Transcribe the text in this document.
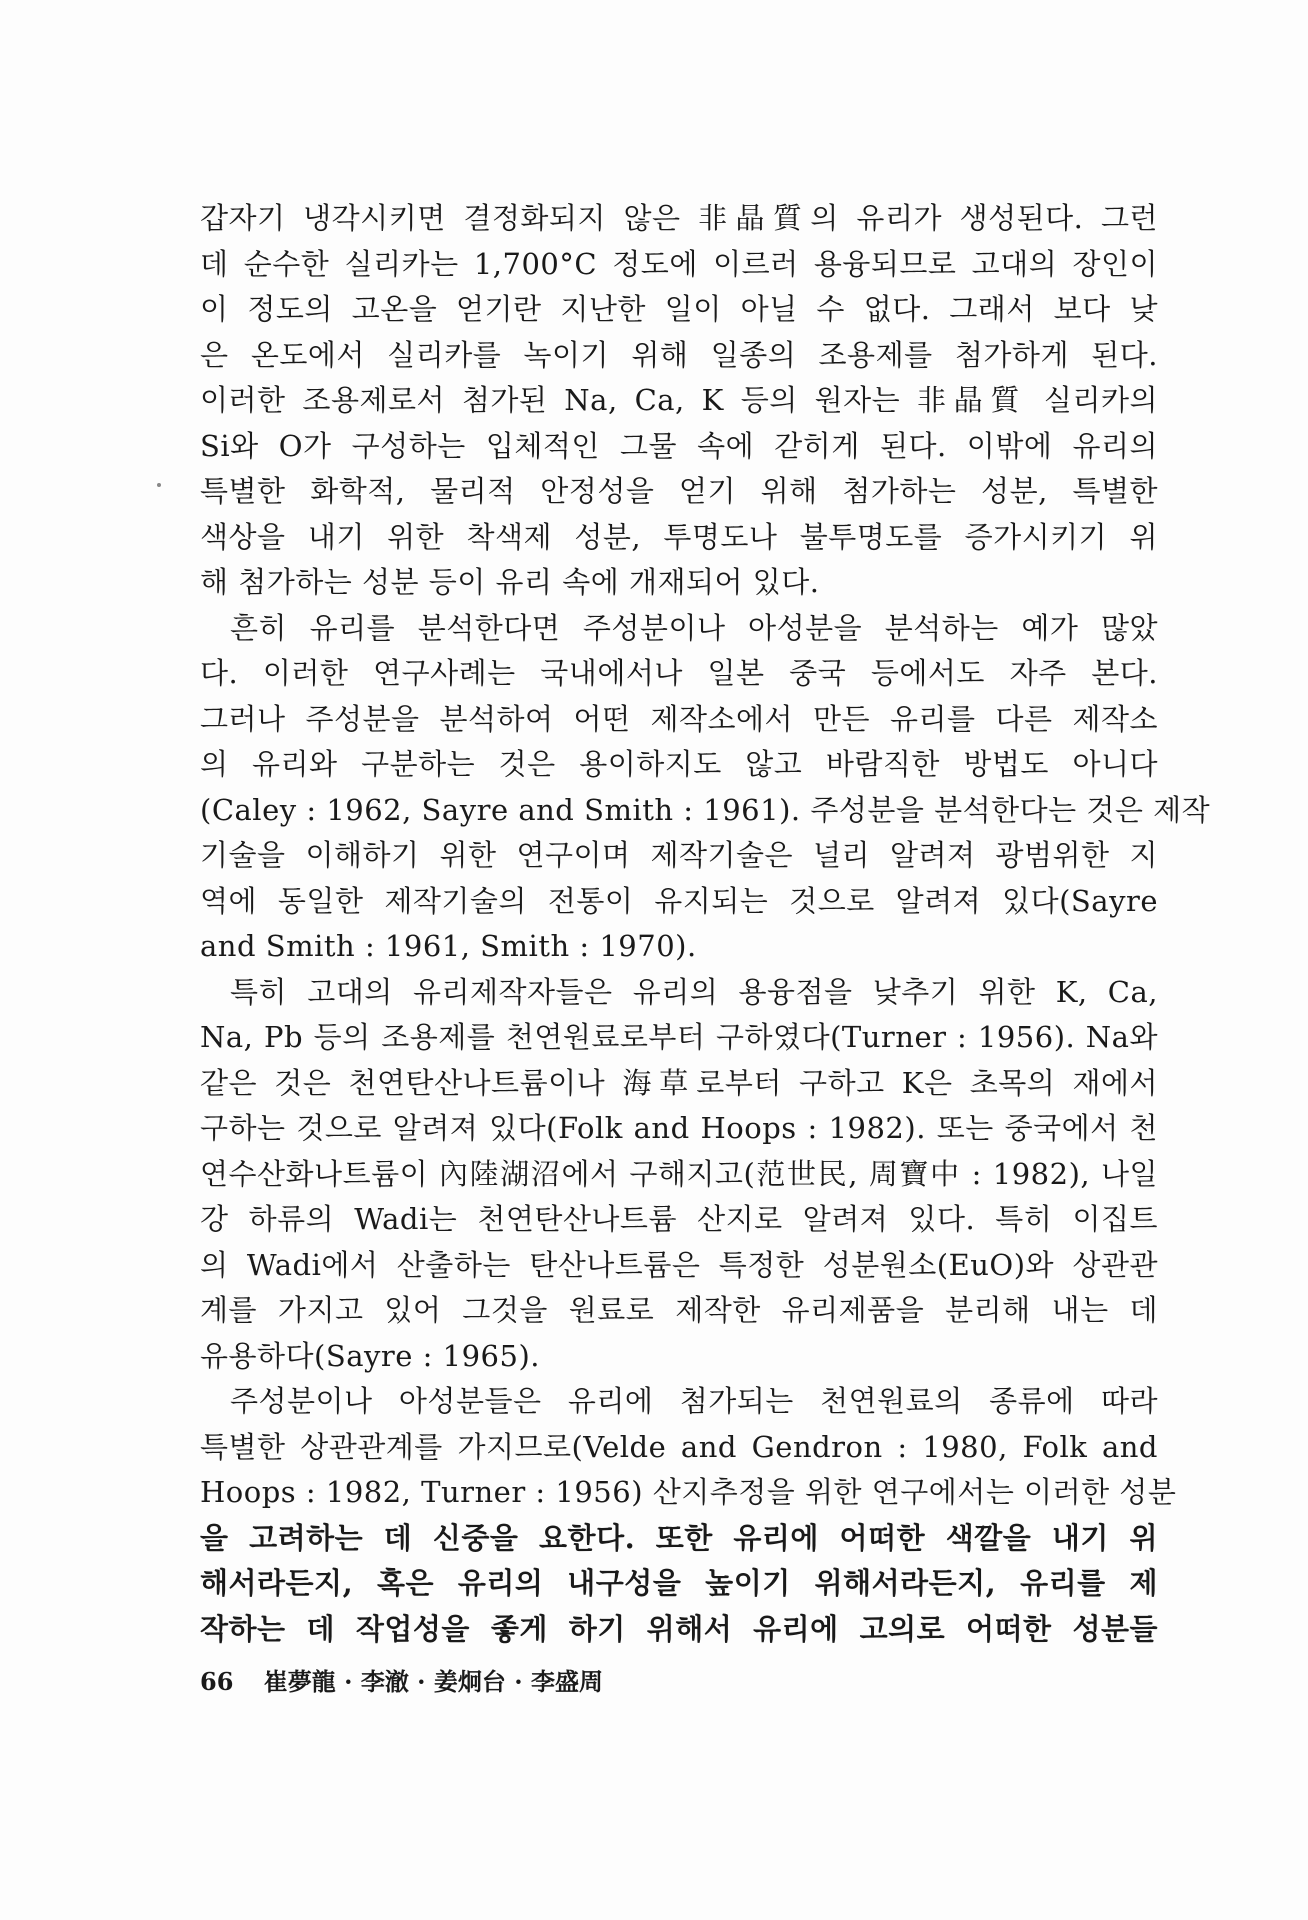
갑자기 냉각시키면 결정화되지 않은 非晶質의 유리가 생성된다. 그런
데 순수한 실리카는 1,700°C 정도에 이르러 용융되므로 고대의 장인이
이 정도의 고온을 얻기란 지난한 일이 아닐 수 없다. 그래서 보다 낮
은 온도에서 실리카를 녹이기 위해 일종의 조용제를 첨가하게 된다.
이러한 조용제로서 첨가된 Na, Ca, K 등의 원자는 非晶質 실리카의
Si와 O가 구성하는 입체적인 그물 속에 갇히게 된다. 이밖에 유리의
특별한 화학적, 물리적 안정성을 얻기 위해 첨가하는 성분, 특별한
색상을 내기 위한 착색제 성분, 투명도나 불투명도를 증가시키기 위
해 첨가하는 성분 등이 유리 속에 개재되어 있다.
흔히 유리를 분석한다면 주성분이나 아성분을 분석하는 예가 많았
다. 이러한 연구사례는 국내에서나 일본 중국 등에서도 자주 본다.
그러나 주성분을 분석하여 어떤 제작소에서 만든 유리를 다른 제작소
의 유리와 구분하는 것은 용이하지도 않고 바람직한 방법도 아니다
(Caley : 1962, Sayre and Smith : 1961). 주성분을 분석한다는 것은 제작
기술을 이해하기 위한 연구이며 제작기술은 널리 알려져 광범위한 지
역에 동일한 제작기술의 전통이 유지되는 것으로 알려져 있다(Sayre
and Smith : 1961, Smith : 1970).
특히 고대의 유리제작자들은 유리의 용융점을 낮추기 위한 K, Ca,
Na, Pb 등의 조용제를 천연원료로부터 구하였다(Turner : 1956). Na와
같은 것은 천연탄산나트륨이나 海草로부터 구하고 K은 초목의 재에서
구하는 것으로 알려져 있다(Folk and Hoops : 1982). 또는 중국에서 천
연수산화나트륨이 內陸湖沼에서 구해지고(范世民, 周寶中 : 1982), 나일
강 하류의 Wadi는 천연탄산나트륨 산지로 알려져 있다. 특히 이집트
의 Wadi에서 산출하는 탄산나트륨은 특정한 성분원소(EuO)와 상관관
계를 가지고 있어 그것을 원료로 제작한 유리제품을 분리해 내는 데
유용하다(Sayre : 1965).
주성분이나 아성분들은 유리에 첨가되는 천연원료의 종류에 따라
특별한 상관관계를 가지므로(Velde and Gendron : 1980, Folk and
Hoops : 1982, Turner : 1956) 산지추정을 위한 연구에서는 이러한 성분
을 고려하는 데 신중을 요한다. 또한 유리에 어떠한 색깔을 내기 위
해서라든지, 혹은 유리의 내구성을 높이기 위해서라든지, 유리를 제
작하는 데 작업성을 좋게 하기 위해서 유리에 고의로 어떠한 성분들
66 崔夢龍 · 李澈 · 姜炯台 · 李盛周
